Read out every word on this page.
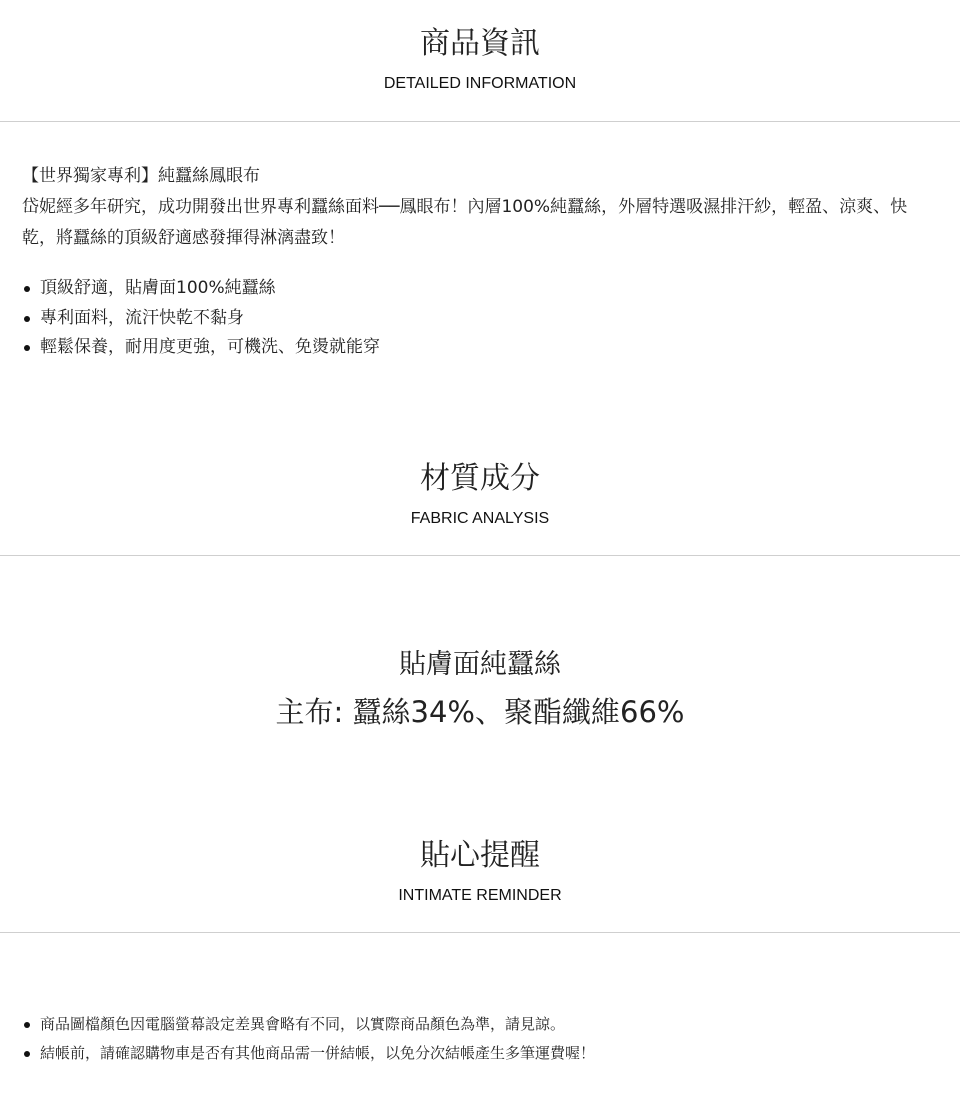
商品資訊
DETAILED INFORMATION
【世界獨家專利】純蠶絲鳳眼布
岱妮經多年研究，成功開發出世界專利蠶絲面料──鳳眼布！內層100%純蠶絲，外層特選吸濕排汗紗，輕盈、涼爽、快乾，將蠶絲的頂級舒適感發揮得淋漓盡致！
頂級舒適，貼膚面100%純蠶絲
專利面料，流汗快乾不黏身
輕鬆保養，耐用度更強，可機洗、免燙就能穿
材質成分
FABRIC ANALYSIS
貼膚面純蠶絲
主布: 蠶絲34%、聚酯纖維66%
貼心提醒
INTIMATE REMINDER
商品圖檔顏色因電腦螢幕設定差異會略有不同，以實際商品顏色為準，請見諒。
結帳前，請確認購物車是否有其他商品需一併結帳，以免分次結帳產生多筆運費喔！
